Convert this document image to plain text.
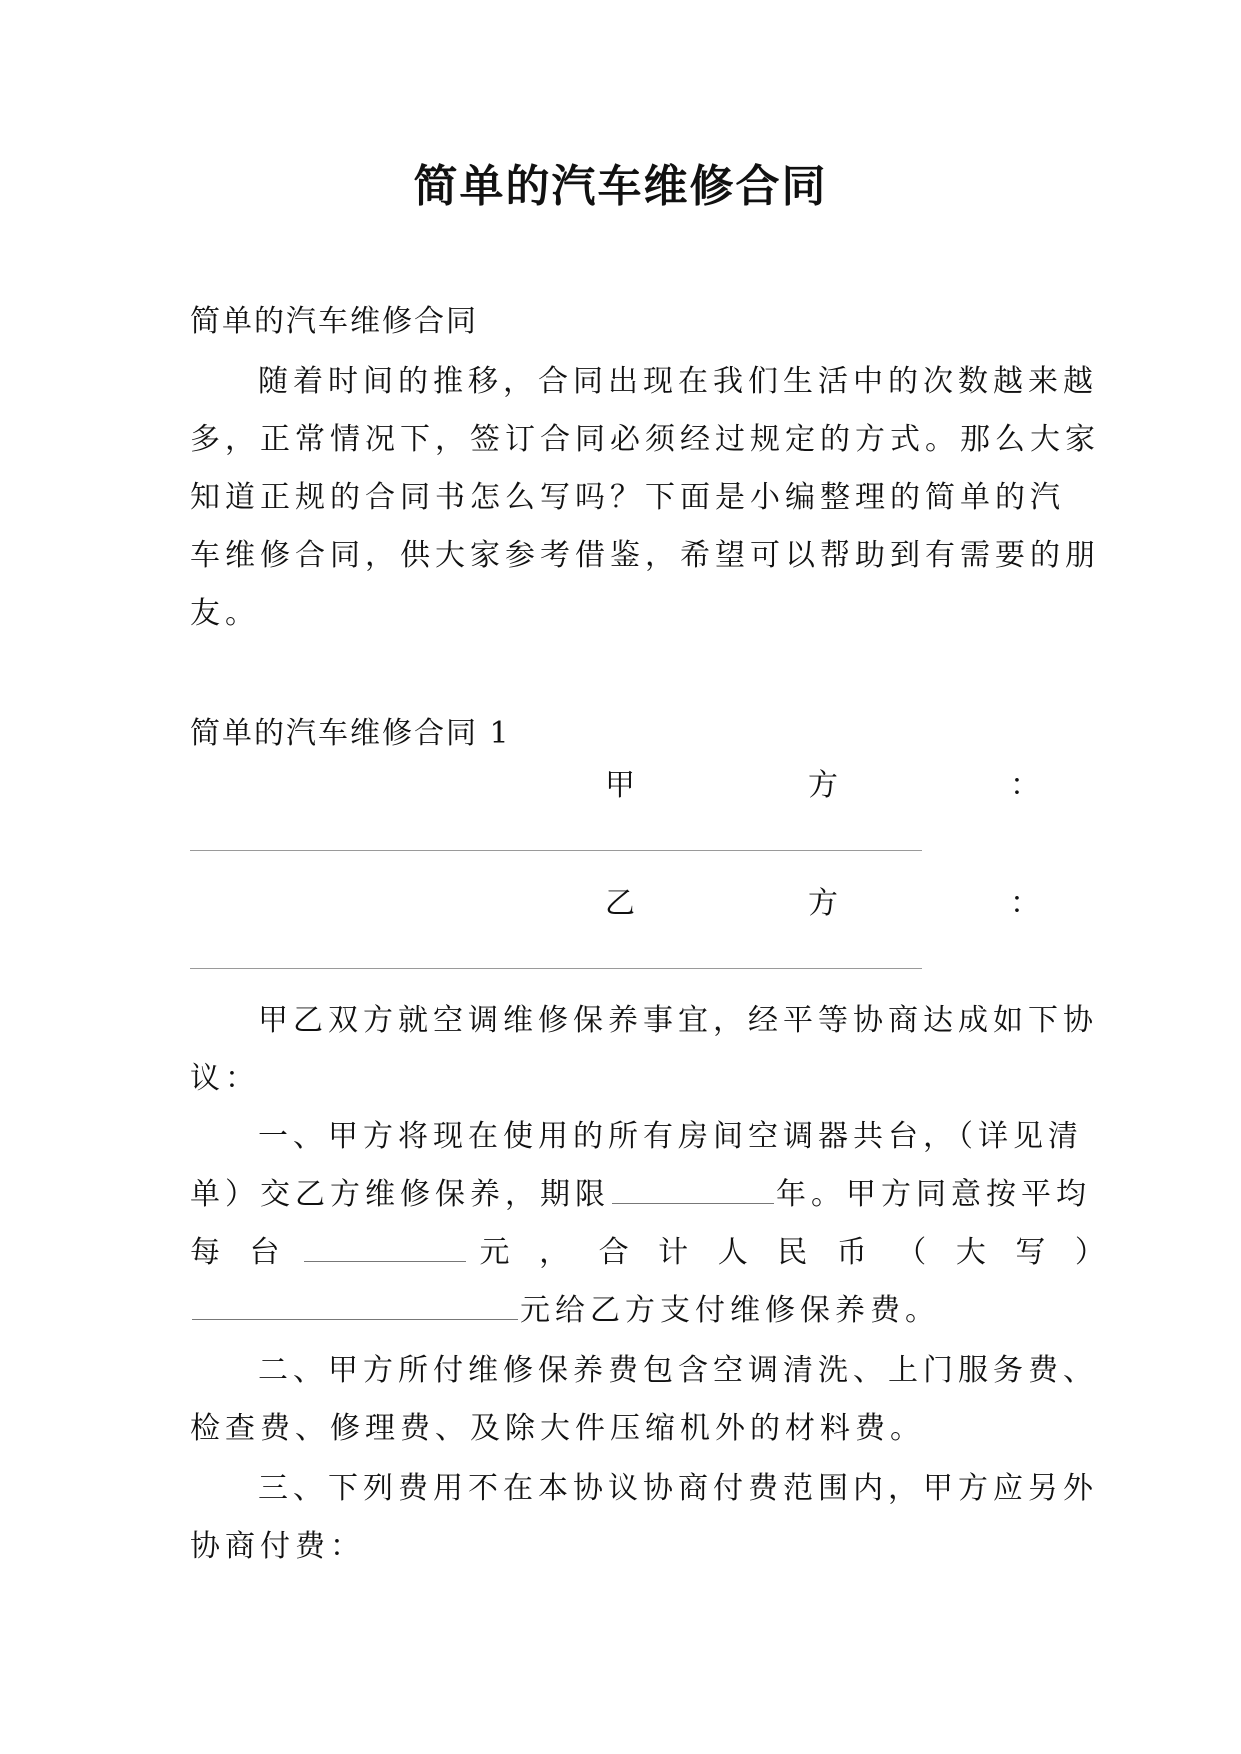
简单的汽车维修合同
简单的汽车维修合同
随着时间的推移，合同出现在我们生活中的次数越来越
多，正常情况下，签订合同必须经过规定的方式。那么大家
知道正规的合同书怎么写吗？下面是小编整理的简单的汽
车维修合同，供大家参考借鉴，希望可以帮助到有需要的朋
友。
简单的汽车维修合同 1
甲	方	：
乙	方	：
甲乙双方就空调维修保养事宜，经平等协商达成如下协
议：
一、甲方将现在使用的所有房间空调器共台，（详见清
单）交乙方维修保养，期限	年。甲方同意按平均
每 台	元 ， 合 计 人 民 币 （ 大 写 ）
元给乙方支付维修保养费。
二、甲方所付维修保养费包含空调清洗、上门服务费、
检查费、修理费、及除大件压缩机外的材料费。
三、下列费用不在本协议协商付费范围内，甲方应另外
协商付费：
